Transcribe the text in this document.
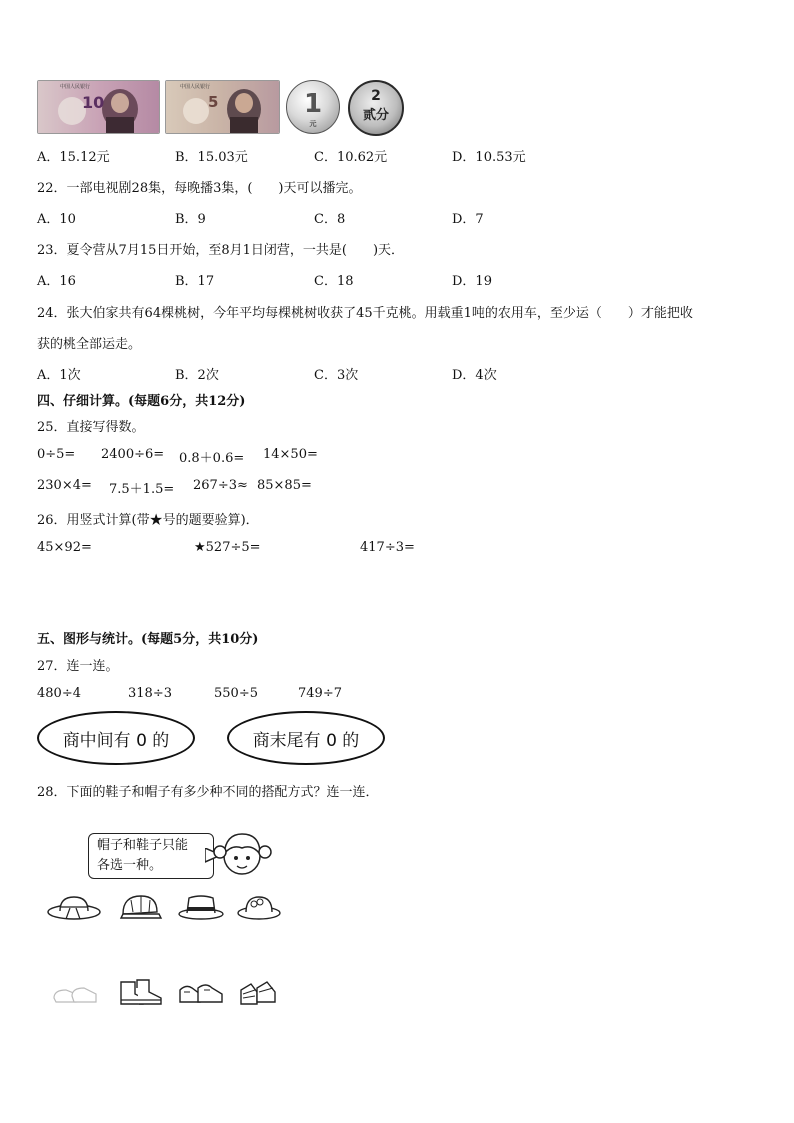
中国人民银行
10
中国人民银行
5	1
元
2
贰分
A．15.12元	B．15.03元	C．10.62元	D．10.53元
22．一部电视剧28集，每晚播3集，(　　)天可以播完。
A．10	B．9	C．8	D．7
23．夏令营从7月15日开始，至8月1日闭营，一共是(　　)天．
A．16	B．17	C．18	D．19
24．张大伯家共有64棵桃树，今年平均每棵桃树收获了45千克桃。用载重1吨的农用车，至少运（　　）才能把收
获的桃全部运走。
A．1次	B．2次	C．3次	D．4次
四、仔细计算。(每题6分，共12分)
25．直接写得数。
0÷5= 2400÷6= 0.8＋0.6= 14×50=
230×4= 7.5＋1.5= 267÷3≈ 85×85=
26．用竖式计算(带★号的题要验算)．
45×92=	★527÷5=	417÷3=
五、图形与统计。(每题5分，共10分)
27．连一连。
480÷4	318÷3	550÷5	749÷7
商中间有 0 的	商末尾有 0 的
28．下面的鞋子和帽子有多少种不同的搭配方式？连一连．
帽子和鞋子只能
各选一种。
